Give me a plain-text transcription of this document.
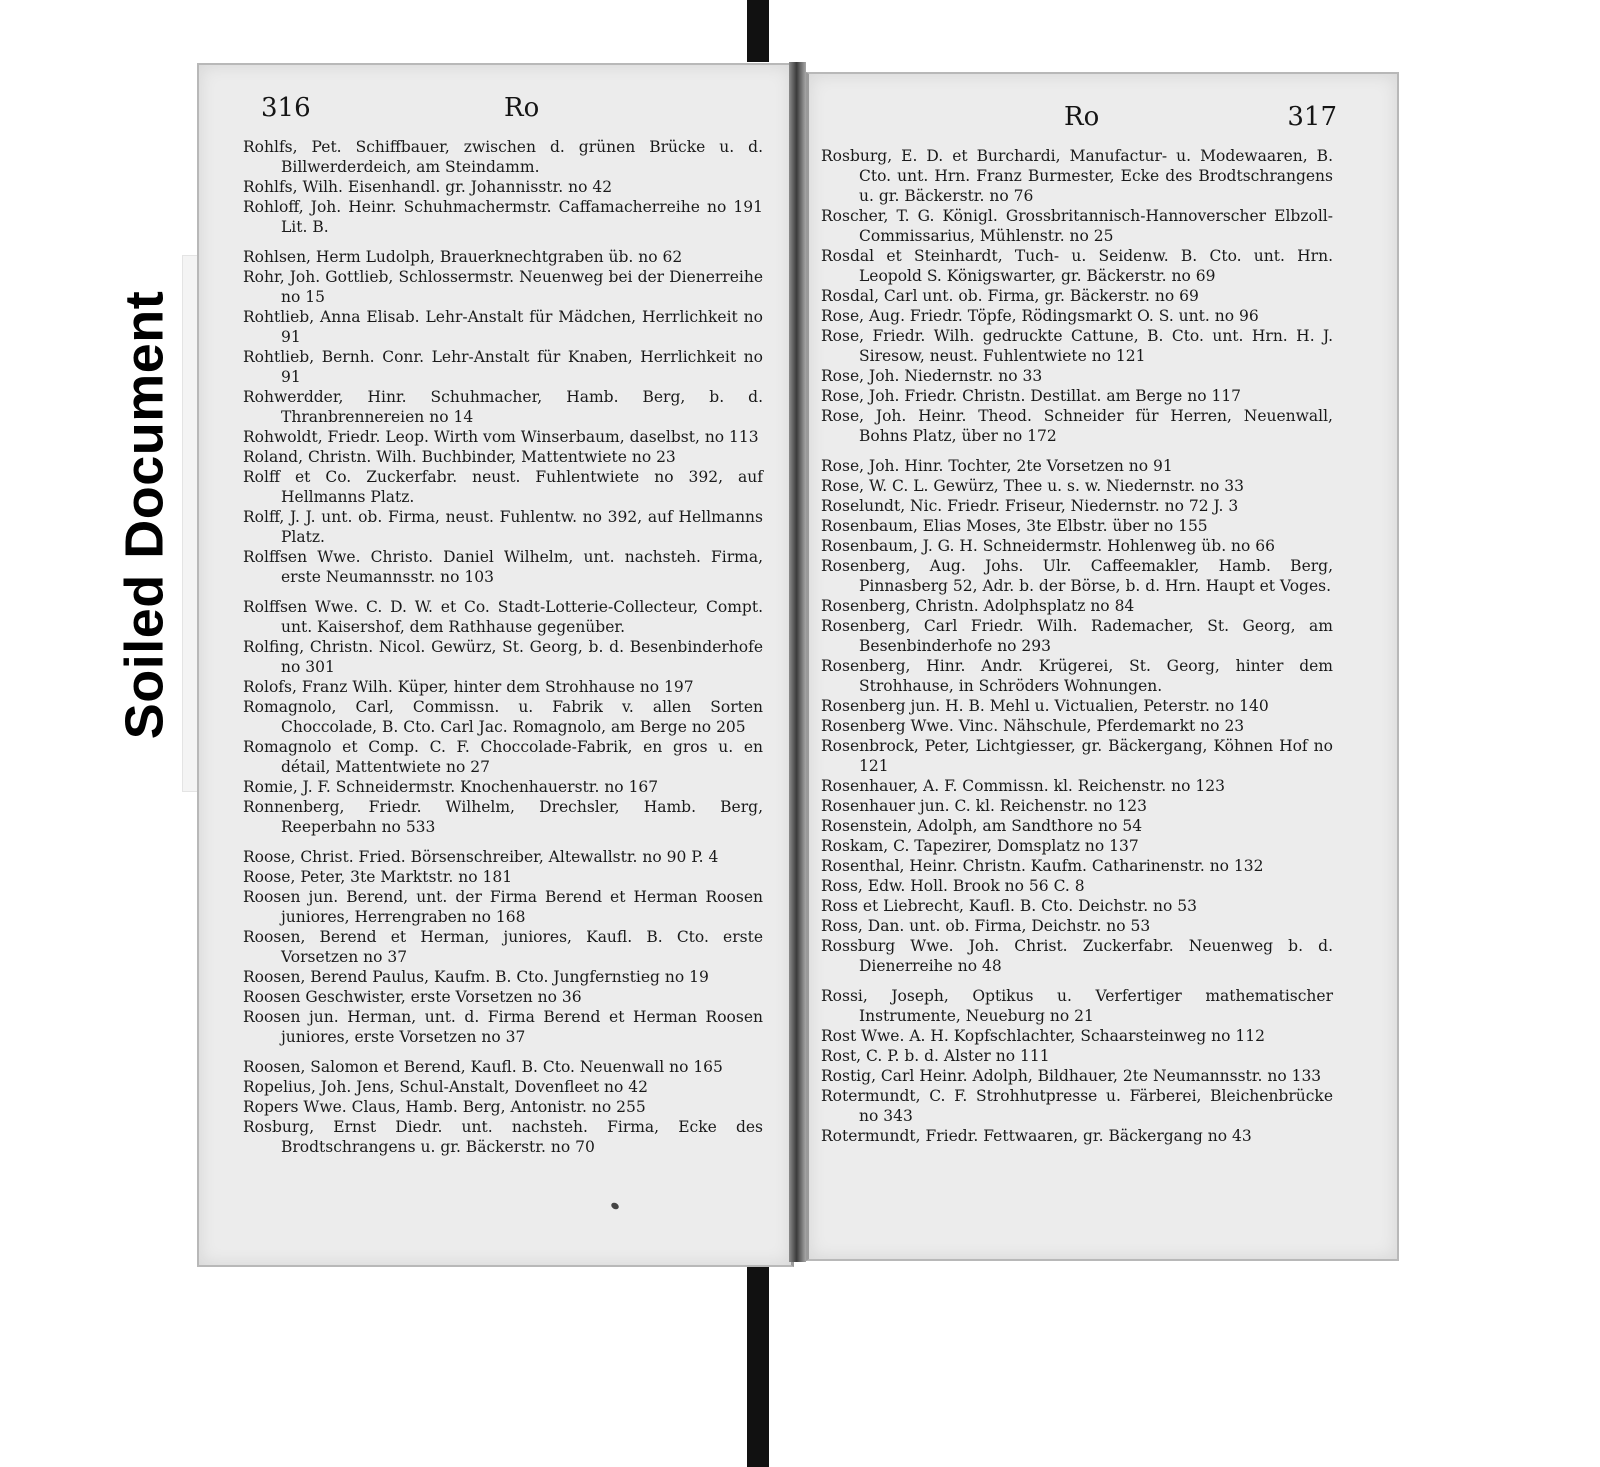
Soiled Document
316	Ro
Rohlfs, Pet. Schiffbauer, zwischen d. grünen Brücke u. d. Billwerderdeich, am Steindamm.
Rohlfs, Wilh. Eisenhandl. gr. Johannisstr. no 42
Rohloff, Joh. Heinr. Schuhmachermstr. Caffamacherreihe no 191 Lit. B.
Rohlsen, Herm Ludolph, Brauerknechtgraben üb. no 62
Rohr, Joh. Gottlieb, Schlossermstr. Neuenweg bei der Dienerreihe no 15
Rohtlieb, Anna Elisab. Lehr-Anstalt für Mädchen, Herrlichkeit no 91
Rohtlieb, Bernh. Conr. Lehr-Anstalt für Knaben, Herrlichkeit no 91
Rohwerdder, Hinr. Schuhmacher, Hamb. Berg, b. d. Thranbrennereien no 14
Rohwoldt, Friedr. Leop. Wirth vom Winserbaum, daselbst, no 113
Roland, Christn. Wilh. Buchbinder, Mattentwiete no 23
Rolff et Co. Zuckerfabr. neust. Fuhlentwiete no 392, auf Hellmanns Platz.
Rolff, J. J. unt. ob. Firma, neust. Fuhlentw. no 392, auf Hellmanns Platz.
Rolffsen Wwe. Christo. Daniel Wilhelm, unt. nachsteh. Firma, erste Neumannsstr. no 103
Rolffsen Wwe. C. D. W. et Co. Stadt-Lotterie-Collecteur, Compt. unt. Kaisershof, dem Rathhause gegenüber.
Rolfing, Christn. Nicol. Gewürz, St. Georg, b. d. Besenbinderhofe no 301
Rolofs, Franz Wilh. Küper, hinter dem Strohhause no 197
Romagnolo, Carl, Commissn. u. Fabrik v. allen Sorten Choccolade, B. Cto. Carl Jac. Romagnolo, am Berge no 205
Romagnolo et Comp. C. F. Choccolade-Fabrik, en gros u. en détail, Mattentwiete no 27
Romie, J. F. Schneidermstr. Knochenhauerstr. no 167
Ronnenberg, Friedr. Wilhelm, Drechsler, Hamb. Berg, Reeperbahn no 533
Roose, Christ. Fried. Börsenschreiber, Altewallstr. no 90 P. 4
Roose, Peter, 3te Marktstr. no 181
Roosen jun. Berend, unt. der Firma Berend et Herman Roosen juniores, Herrengraben no 168
Roosen, Berend et Herman, juniores, Kaufl. B. Cto. erste Vorsetzen no 37
Roosen, Berend Paulus, Kaufm. B. Cto. Jungfernstieg no 19
Roosen Geschwister, erste Vorsetzen no 36
Roosen jun. Herman, unt. d. Firma Berend et Herman Roosen juniores, erste Vorsetzen no 37
Roosen, Salomon et Berend, Kaufl. B. Cto. Neuenwall no 165
Ropelius, Joh. Jens, Schul-Anstalt, Dovenfleet no 42
Ropers Wwe. Claus, Hamb. Berg, Antonistr. no 255
Rosburg, Ernst Diedr. unt. nachsteh. Firma, Ecke des Brodtschrangens u. gr. Bäckerstr. no 70
Ro	317
Rosburg, E. D. et Burchardi, Manufactur- u. Modewaaren, B. Cto. unt. Hrn. Franz Burmester, Ecke des Brodtschrangens u. gr. Bäckerstr. no 76
Roscher, T. G. Königl. Grossbritannisch-Hannoverscher Elbzoll-Commissarius, Mühlenstr. no 25
Rosdal et Steinhardt, Tuch- u. Seidenw. B. Cto. unt. Hrn. Leopold S. Königswarter, gr. Bäckerstr. no 69
Rosdal, Carl unt. ob. Firma, gr. Bäckerstr. no 69
Rose, Aug. Friedr. Töpfe, Rödingsmarkt O. S. unt. no 96
Rose, Friedr. Wilh. gedruckte Cattune, B. Cto. unt. Hrn. H. J. Siresow, neust. Fuhlentwiete no 121
Rose, Joh. Niedernstr. no 33
Rose, Joh. Friedr. Christn. Destillat. am Berge no 117
Rose, Joh. Heinr. Theod. Schneider für Herren, Neuenwall, Bohns Platz, über no 172
Rose, Joh. Hinr. Tochter, 2te Vorsetzen no 91
Rose, W. C. L. Gewürz, Thee u. s. w. Niedernstr. no 33
Roselundt, Nic. Friedr. Friseur, Niedernstr. no 72 J. 3
Rosenbaum, Elias Moses, 3te Elbstr. über no 155
Rosenbaum, J. G. H. Schneidermstr. Hohlenweg üb. no 66
Rosenberg, Aug. Johs. Ulr. Caffeemakler, Hamb. Berg, Pinnasberg 52, Adr. b. der Börse, b. d. Hrn. Haupt et Voges.
Rosenberg, Christn. Adolphsplatz no 84
Rosenberg, Carl Friedr. Wilh. Rademacher, St. Georg, am Besenbinderhofe no 293
Rosenberg, Hinr. Andr. Krügerei, St. Georg, hinter dem Strohhause, in Schröders Wohnungen.
Rosenberg jun. H. B. Mehl u. Victualien, Peterstr. no 140
Rosenberg Wwe. Vinc. Nähschule, Pferdemarkt no 23
Rosenbrock, Peter, Lichtgiesser, gr. Bäckergang, Köhnen Hof no 121
Rosenhauer, A. F. Commissn. kl. Reichenstr. no 123
Rosenhauer jun. C. kl. Reichenstr. no 123
Rosenstein, Adolph, am Sandthore no 54
Roskam, C. Tapezirer, Domsplatz no 137
Rosenthal, Heinr. Christn. Kaufm. Catharinenstr. no 132
Ross, Edw. Holl. Brook no 56 C. 8
Ross et Liebrecht, Kaufl. B. Cto. Deichstr. no 53
Ross, Dan. unt. ob. Firma, Deichstr. no 53
Rossburg Wwe. Joh. Christ. Zuckerfabr. Neuenweg b. d. Dienerreihe no 48
Rossi, Joseph, Optikus u. Verfertiger mathematischer Instrumente, Neueburg no 21
Rost Wwe. A. H. Kopfschlachter, Schaarsteinweg no 112
Rost, C. P. b. d. Alster no 111
Rostig, Carl Heinr. Adolph, Bildhauer, 2te Neumannsstr. no 133
Rotermundt, C. F. Strohhutpresse u. Färberei, Bleichenbrücke no 343
Rotermundt, Friedr. Fettwaaren, gr. Bäckergang no 43
